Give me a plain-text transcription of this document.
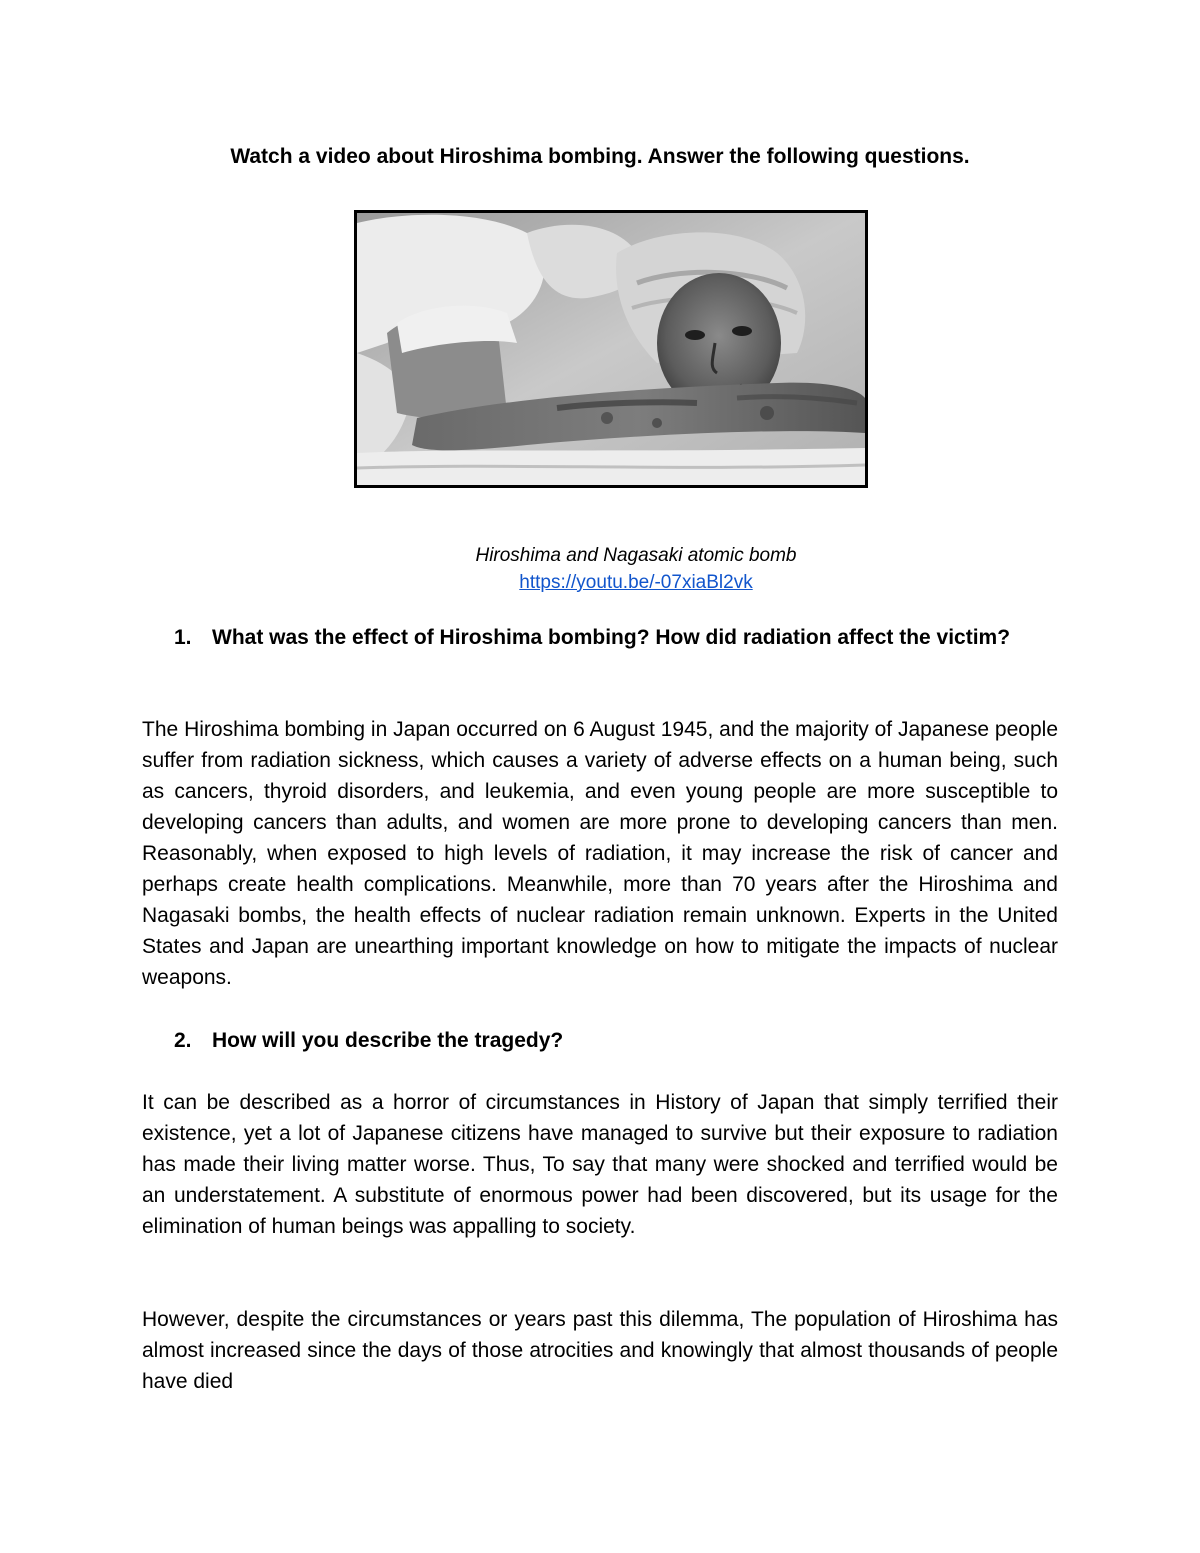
Watch a video about Hiroshima bombing. Answer the following questions.
Hiroshima and Nagasaki atomic bomb
https://youtu.be/-07xiaBl2vk
1. What was the effect of Hiroshima bombing? How did radiation affect the victim?
The Hiroshima bombing in Japan occurred on 6 August 1945, and the majority of Japanese people suffer from radiation sickness, which causes a variety of adverse effects on a human being, such as cancers, thyroid disorders, and leukemia, and even young people are more susceptible to developing cancers than adults, and women are more prone to developing cancers than men. Reasonably, when exposed to high levels of radiation, it may increase the risk of cancer and perhaps create health complications. Meanwhile, more than 70 years after the Hiroshima and Nagasaki bombs, the health effects of nuclear radiation remain unknown. Experts in the United States and Japan are unearthing important knowledge on how to mitigate the impacts of nuclear weapons.
2. How will you describe the tragedy?
It can be described as a horror of circumstances in History of Japan that simply terrified their existence, yet a lot of Japanese citizens have managed to survive but their exposure to radiation has made their living matter worse. Thus, To say that many were shocked and terrified would be an understatement. A substitute of enormous power had been discovered, but its usage for the elimination of human beings was appalling to society.
However, despite the circumstances or years past this dilemma, The population of Hiroshima has almost increased since the days of those atrocities and knowingly that almost thousands of people have died
